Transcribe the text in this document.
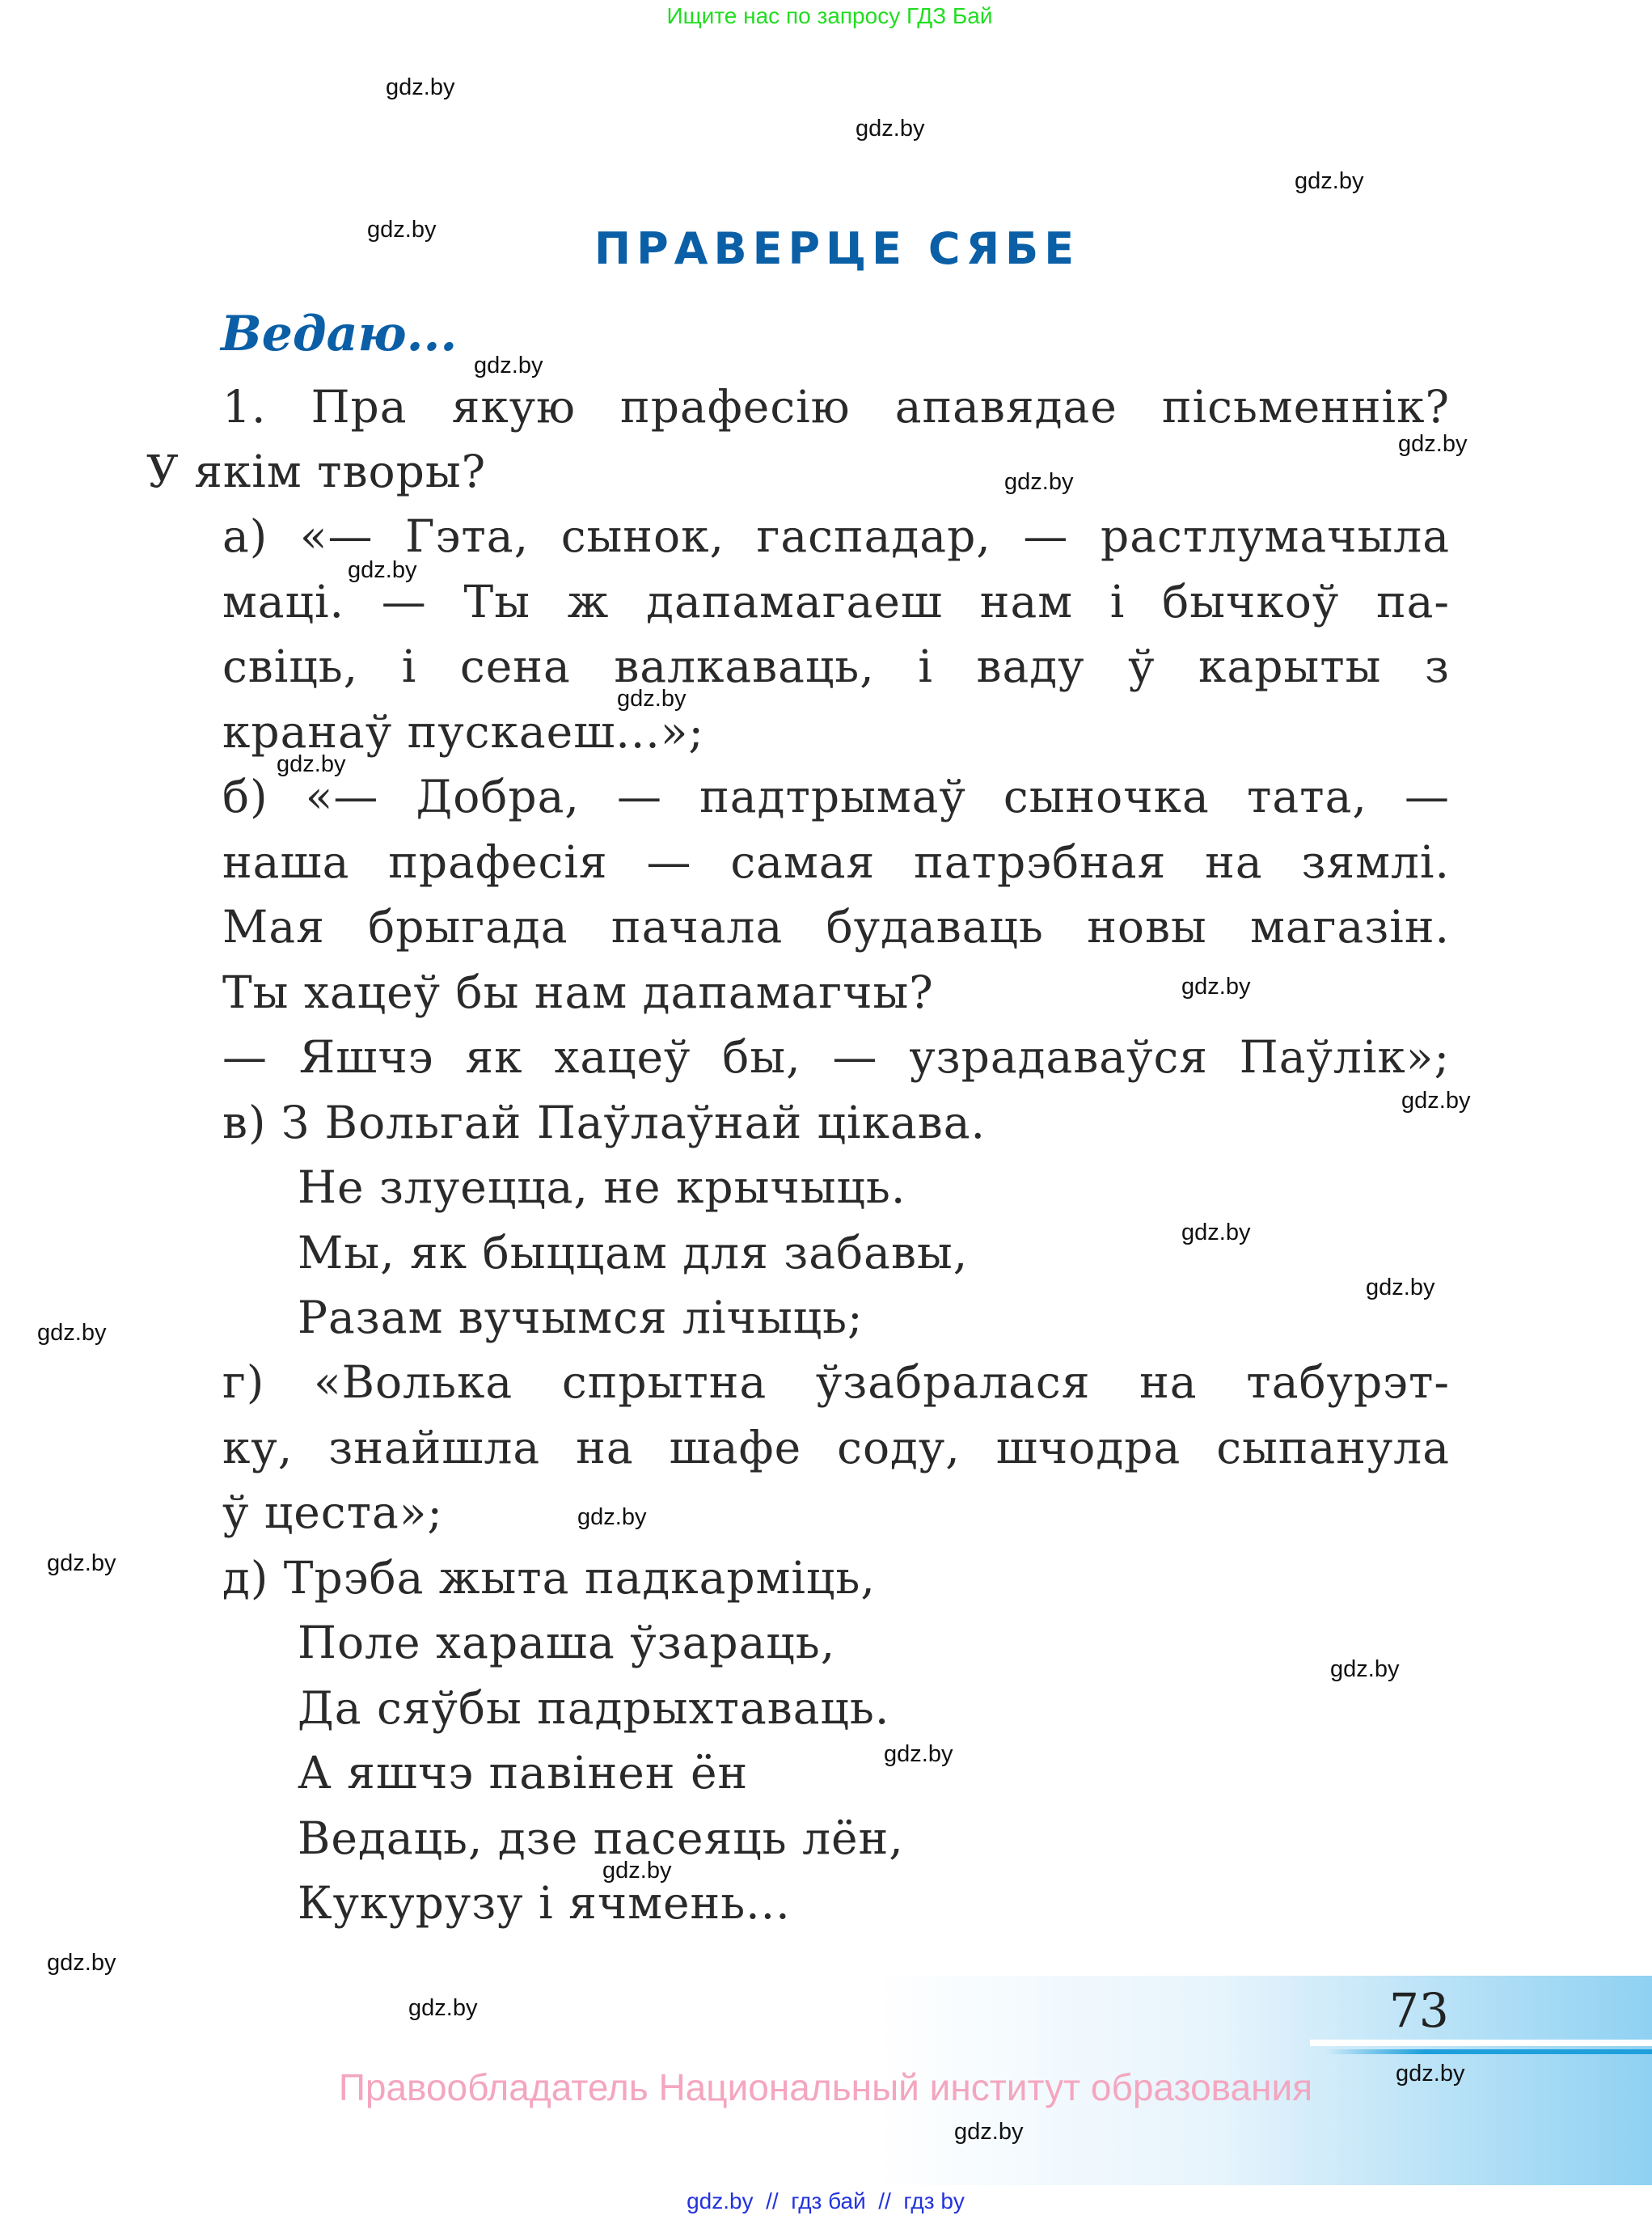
Ищите нас по запросу ГДЗ Бай
ПРАВЕРЦЕ СЯБЕ
Ведаю...
1. Пра якую прафесію апавядае пісьменнік?
У якім творы?
а) «— Гэта, сынок, гаспадар, — растлумачыла
маці. — Ты ж дапамагаеш нам і бычкоў па-
свіць, і сена валкаваць, і ваду ў карыты з
кранаў пускаеш...»;
б) «— Добра, — падтрымаў сыночка тата, —
наша прафесія — самая патрэбная на зямлі.
Мая брыгада пачала будаваць новы магазін.
Ты хацеў бы нам дапамагчы?
— Яшчэ як хацеў бы, — узрадаваўся Паўлік»;
в) З Вольгай Паўлаўнай цікава.
Не злуецца, не крычыць.
Мы, як быццам для забавы,
Разам вучымся лічыць;
г) «Волька спрытна ўзабралася на табурэт-
ку, знайшла на шафе соду, шчодра сыпанула
ў цеста»;
д) Трэба жыта падкарміць,
Поле хараша ўзараць,
Да сяўбы падрыхтаваць.
А яшчэ павінен ён
Ведаць, дзе пасеяць лён,
Кукурузу і ячмень...
73
Правообладатель Национальный институт образования
gdz.by  //  гдз бай  //  гдз by
gdz.by
gdz.by
gdz.by
gdz.by
gdz.by
gdz.by
gdz.by
gdz.by
gdz.by
gdz.by
gdz.by
gdz.by
gdz.by
gdz.by
gdz.by
gdz.by
gdz.by
gdz.by
gdz.by
gdz.by
gdz.by
gdz.by
gdz.by
gdz.by
